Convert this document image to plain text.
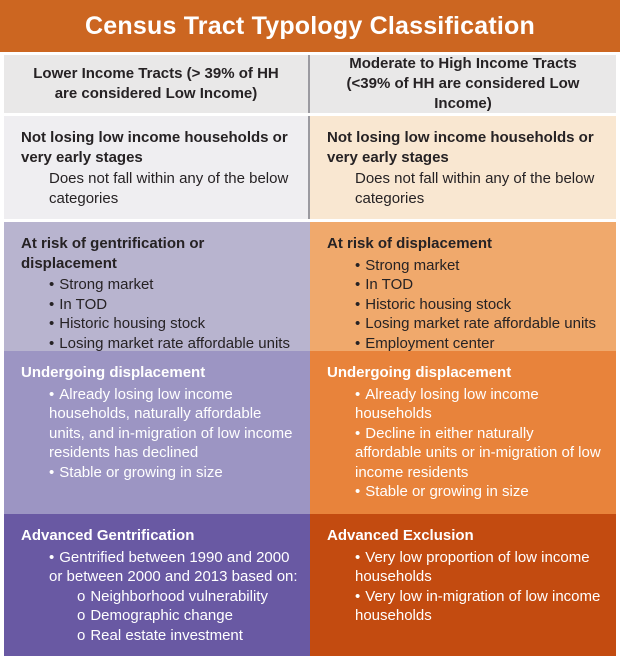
Census Tract Typology Classification
Lower Income Tracts (> 39% of HH are considered Low Income)
Moderate to High Income Tracts (<39% of HH are considered Low Income)
Not losing low income households or very early stages
Does not fall within any of the below categories
Not losing low income households or very early stages
Does not fall within any of the below categories
At risk of gentrification or displacement
• Strong market
• In TOD
• Historic housing stock
• Losing market rate affordable units
At risk of displacement
• Strong market
• In TOD
• Historic housing stock
• Losing market rate affordable units
• Employment center
Undergoing displacement
• Already losing low income households, naturally affordable units, and in-migration of low income residents has declined
• Stable or growing in size
Undergoing displacement
• Already losing low income households
• Decline in either naturally affordable units or in-migration of low income residents
• Stable or growing in size
Advanced Gentrification
• Gentrified between 1990 and 2000 or between 2000 and 2013 based on:
o Neighborhood vulnerability
o Demographic change
o Real estate investment
Advanced Exclusion
• Very low proportion of low income households
• Very low in-migration of low income households
